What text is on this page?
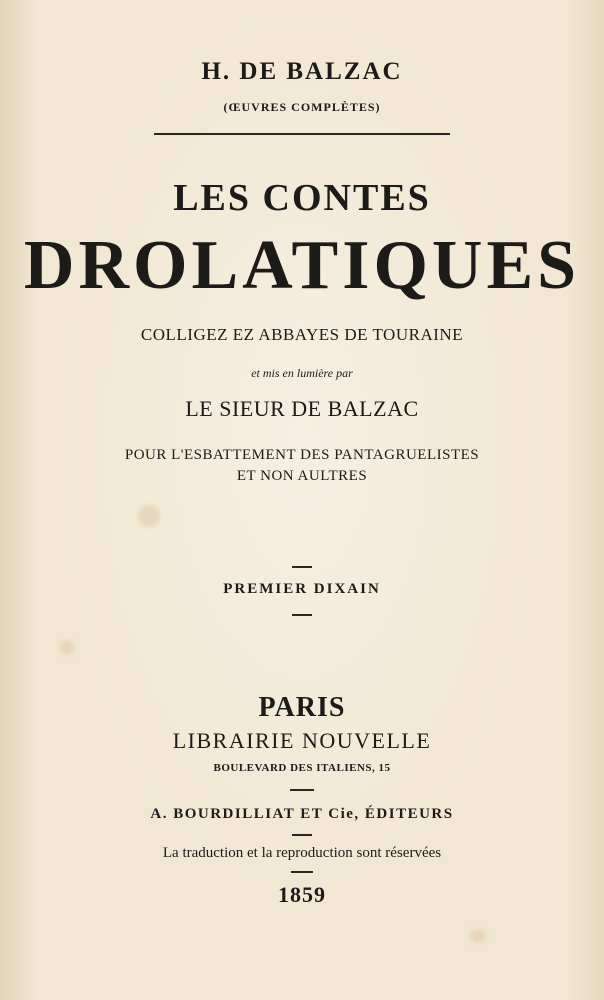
H. DE BALZAC
(ŒUVRES COMPLÈTES)
LES CONTES
DROLATIQUES
COLLIGEZ EZ ABBAYES DE TOURAINE
et mis en lumière par
LE SIEUR DE BALZAC
POUR L'ESBATTEMENT DES PANTAGRUELISTES
ET NON AULTRES
PREMIER DIXAIN
PARIS
LIBRAIRIE NOUVELLE
BOULEVARD DES ITALIENS, 15
A. BOURDILLIAT ET Cie, ÉDITEURS
La traduction et la reproduction sont réservées
1859
